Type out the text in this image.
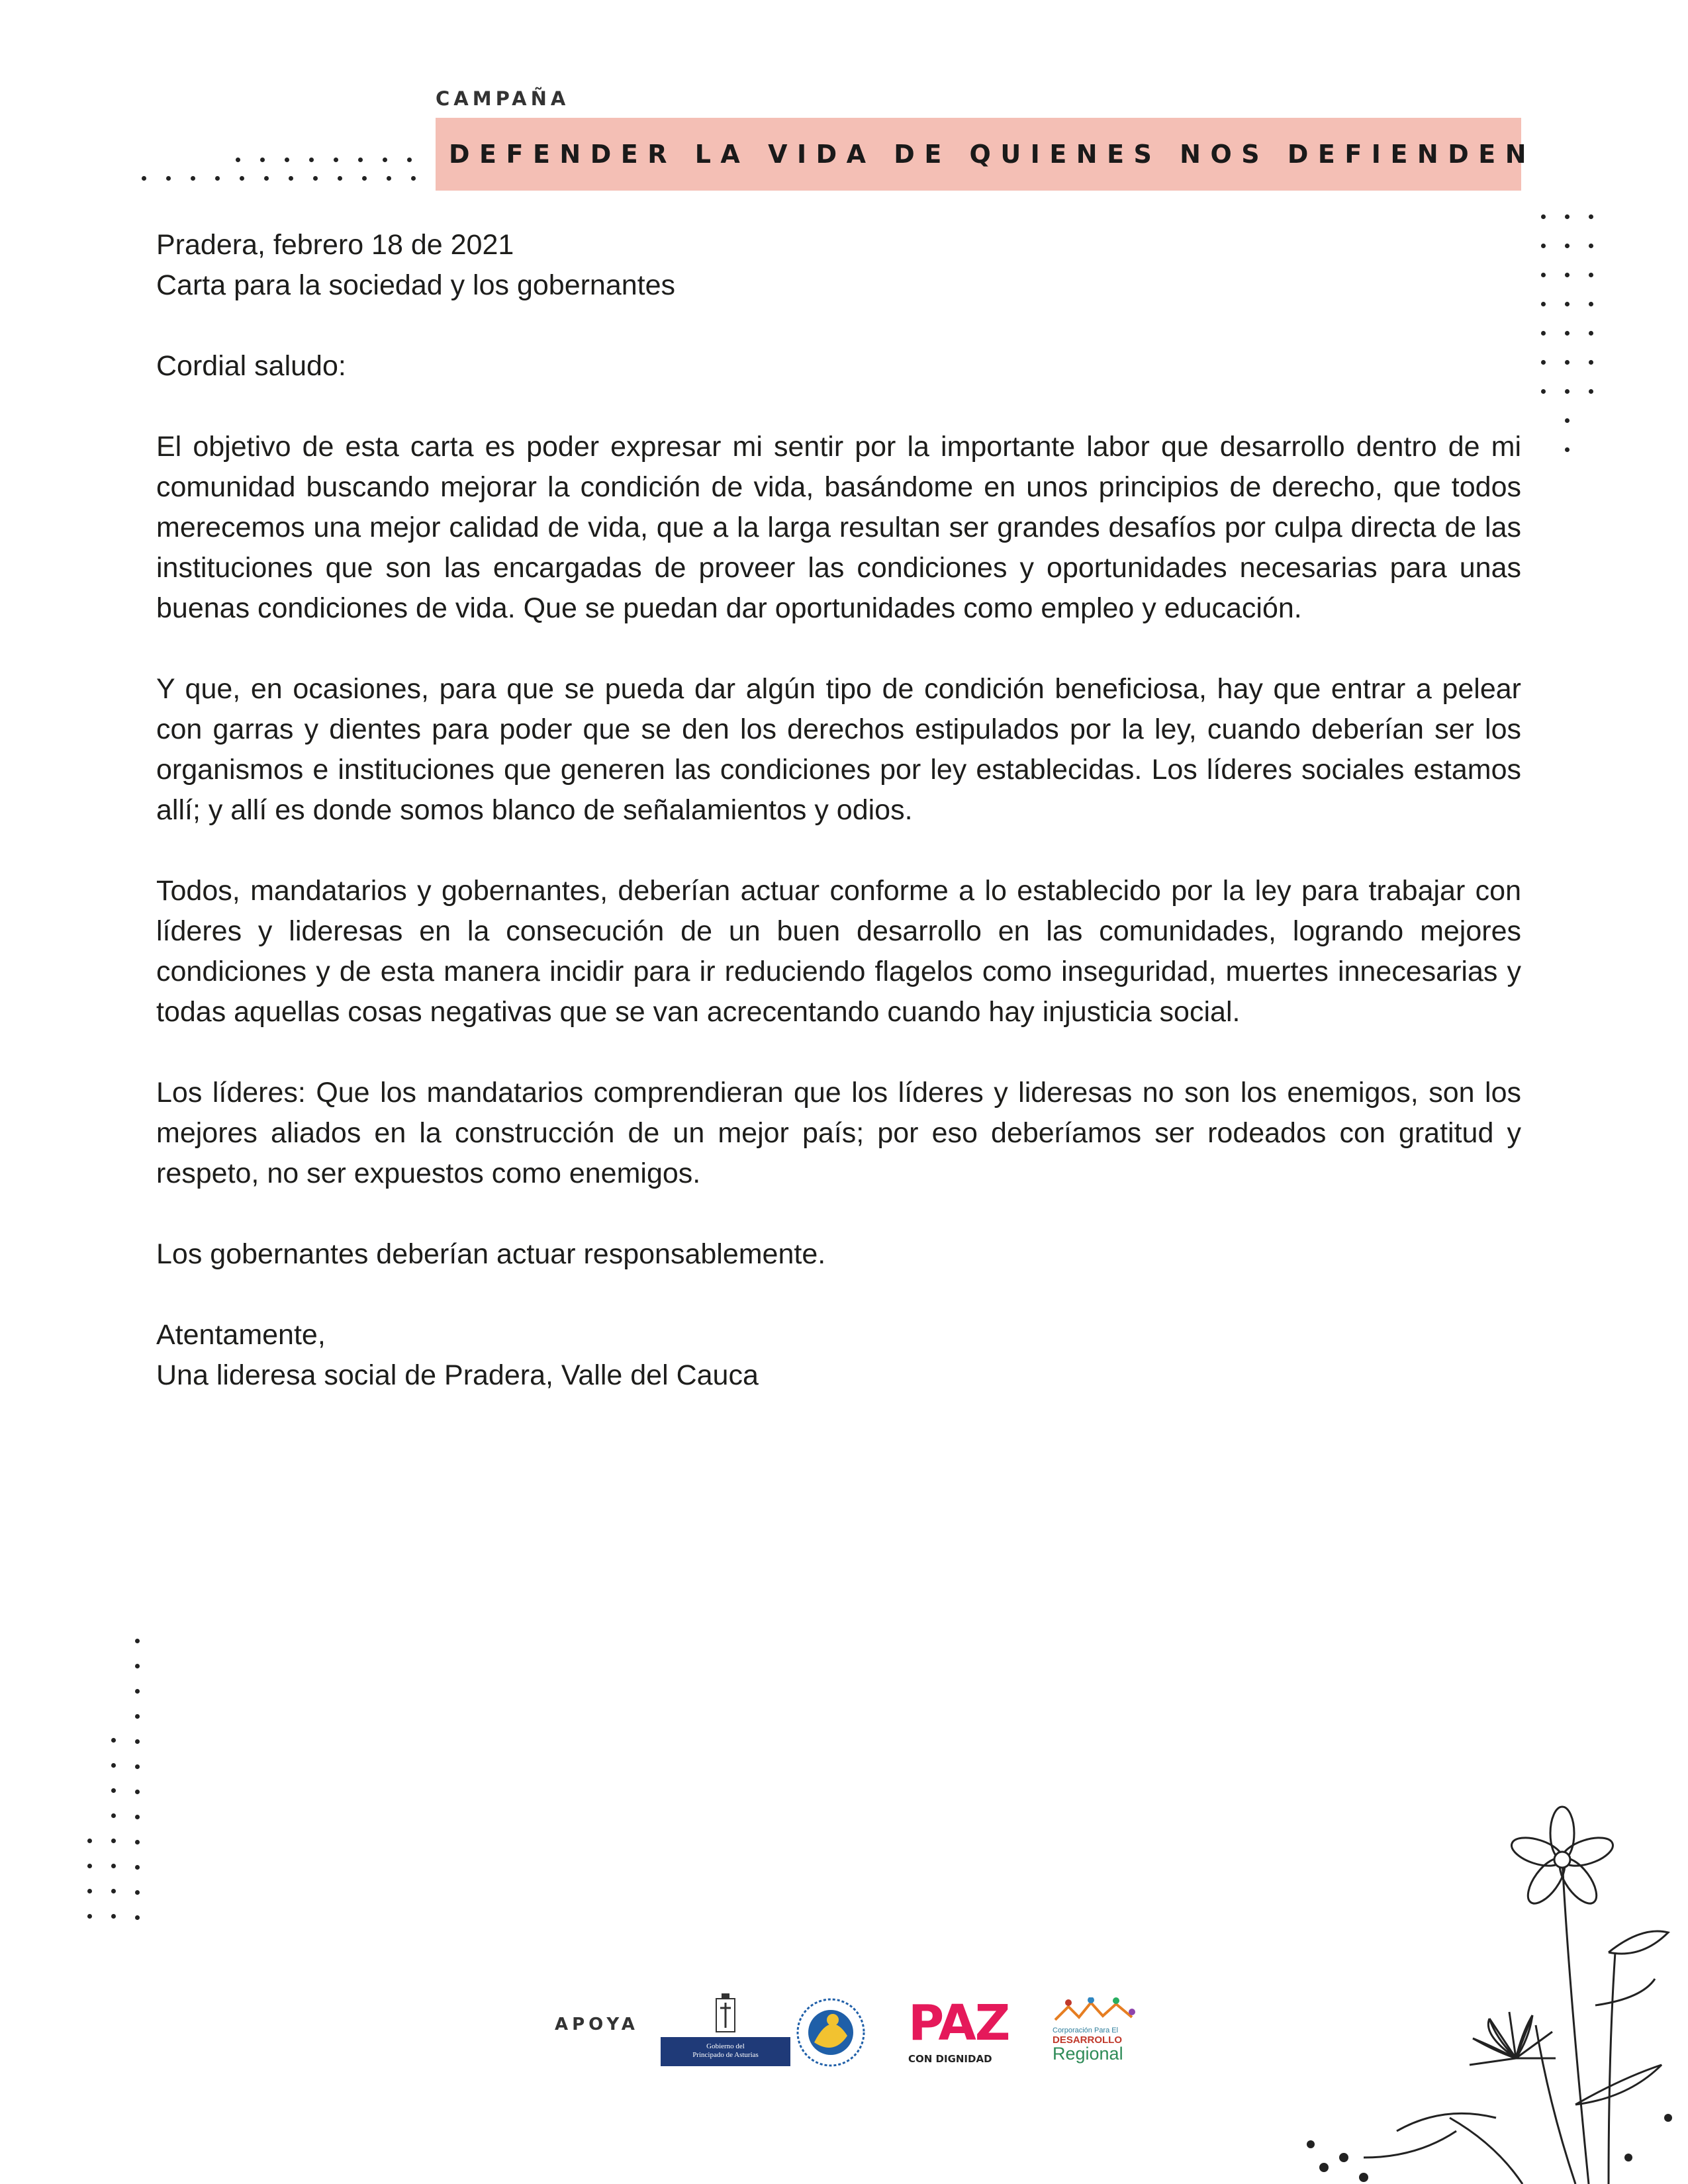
CAMPAÑA
DEFENDER LA VIDA DE QUIENES NOS DEFIENDEN

Pradera, febrero 18 de 2021

Carta para la sociedad y los gobernantes

Cordial saludo:

El objetivo de esta carta es poder expresar mi sentir por la importante labor que desarrollo dentro de mi comunidad buscando mejorar la condición de vida, basándome en unos principios de derecho, que todos merecemos una mejor calidad de vida, que a la larga resultan ser grandes desafíos por culpa directa de las instituciones que son las encargadas de proveer las condiciones y oportunidades necesarias para unas buenas condiciones de vida. Que se puedan dar oportunidades como empleo y educación.

Y que, en ocasiones, para que se pueda dar algún tipo de condición beneficiosa, hay que entrar a pelear con garras y dientes para poder que se den los derechos estipulados por la ley, cuando deberían ser los organismos e instituciones que generen las condiciones por ley establecidas. Los líderes sociales estamos allí; y allí es donde somos blanco de señalamientos y odios.

Todos, mandatarios y gobernantes, deberían actuar conforme a lo establecido por la ley para trabajar con líderes y lideresas en la consecución de un buen desarrollo en las comunidades, logrando mejores condiciones y de esta manera incidir para ir reduciendo flagelos como inseguridad, muertes innecesarias y todas aquellas cosas negativas que se van acrecentando cuando hay injusticia social.

Los líderes: Que los mandatarios comprendieran que los líderes y lideresas no son los enemigos, son los mejores aliados en la construcción de un mejor país; por eso deberíamos ser rodeados con gratitud y respeto, no ser expuestos como enemigos.

Los gobernantes deberían actuar responsablemente.

Atentamente,

Una lideresa social de Pradera, Valle del Cauca

APOYA
Gobierno del
Principado de Asturias
PAZ
CON DIGNIDAD
Corporación Para El
DESARROLLO
Regional
